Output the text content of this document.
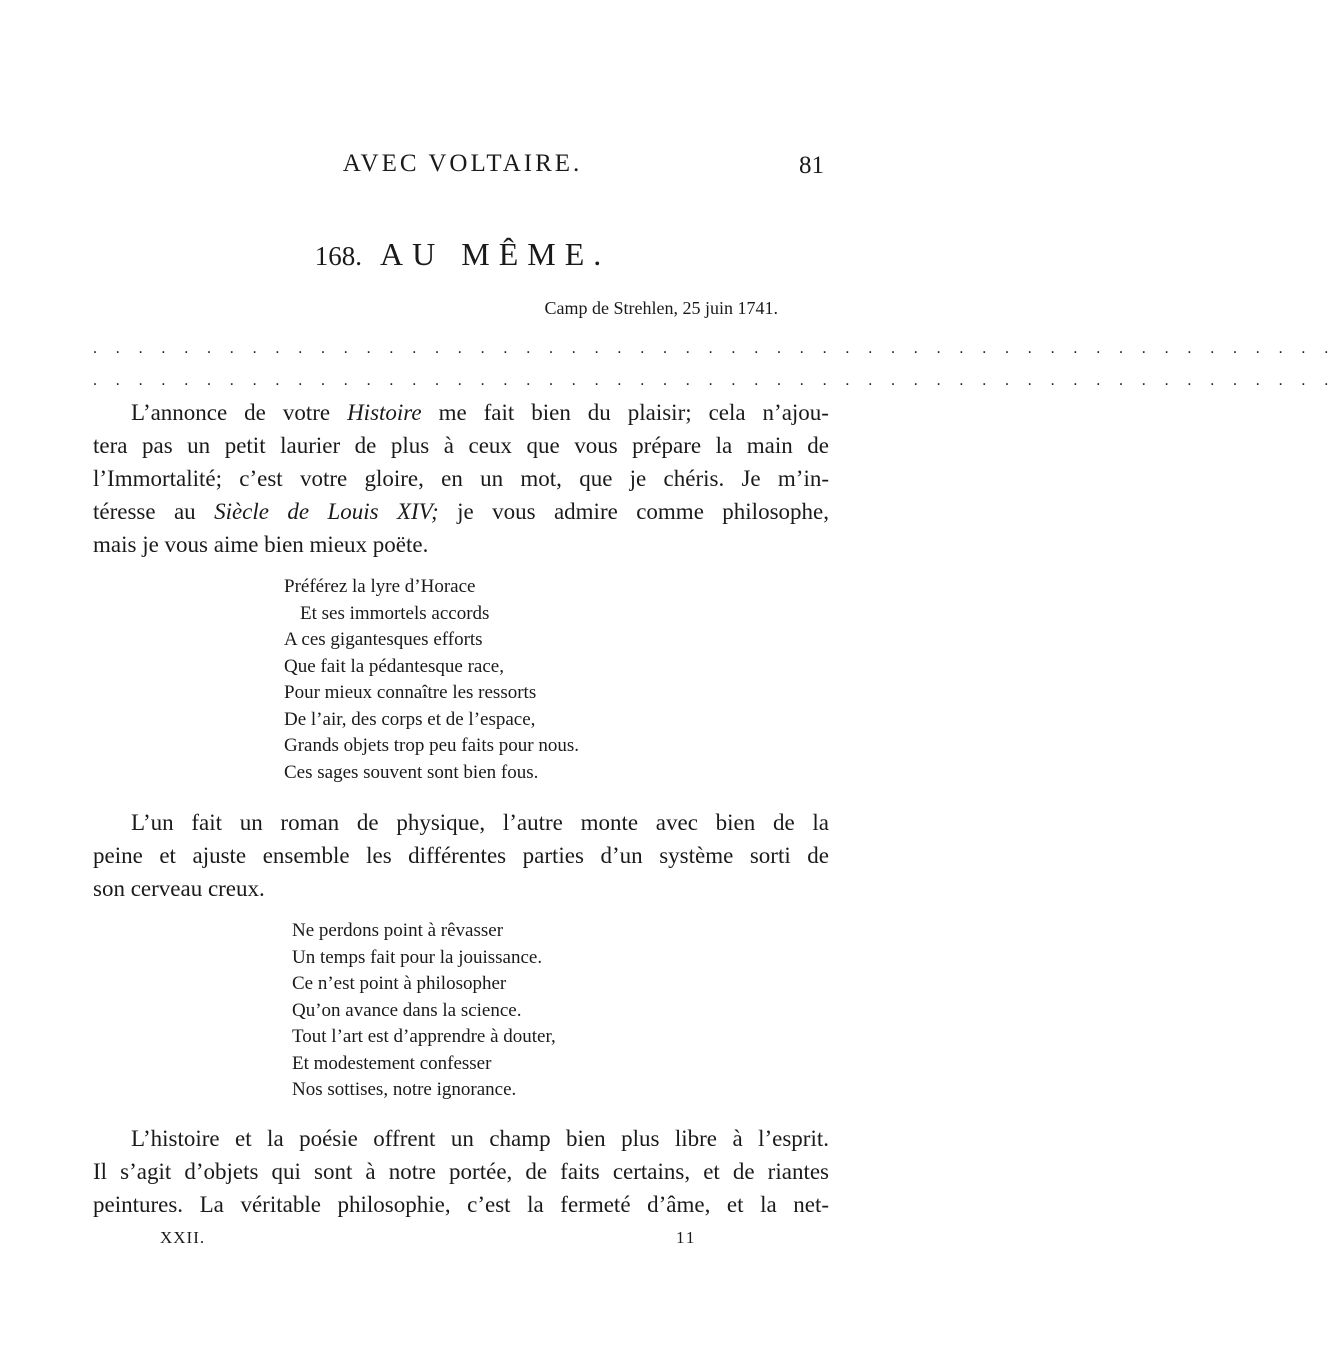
AVEC VOLTAIRE.	81
168. AU MÊME.
Camp de Strehlen, 25 juin 1741.
. . . . . . . . . . . . . . . . . . . . . . . . . . . . . . . . . . . . . . . . . . . . . . . . . . . . . . .
. . . . . . . . . . . . . . . . . . . . . . . . . . . . . . . . . . . . . . . . . . . . . . . . . . . . . . .
L’annonce de votre Histoire me fait bien du plaisir; cela n’ajou-
tera pas un petit laurier de plus à ceux que vous prépare la main de
l’Immortalité; c’est votre gloire, en un mot, que je chéris. Je m’in-
téresse au Siècle de Louis XIV; je vous admire comme philosophe,
mais je vous aime bien mieux poëte.
Préférez la lyre d’Horace
Et ses immortels accords
A ces gigantesques efforts
Que fait la pédantesque race,
Pour mieux connaître les ressorts
De l’air, des corps et de l’espace,
Grands objets trop peu faits pour nous.
Ces sages souvent sont bien fous.
L’un fait un roman de physique, l’autre monte avec bien de la
peine et ajuste ensemble les différentes parties d’un système sorti de
son cerveau creux.
Ne perdons point à rêvasser
Un temps fait pour la jouissance.
Ce n’est point à philosopher
Qu’on avance dans la science.
Tout l’art est d’apprendre à douter,
Et modestement confesser
Nos sottises, notre ignorance.
L’histoire et la poésie offrent un champ bien plus libre à l’esprit.
Il s’agit d’objets qui sont à notre portée, de faits certains, et de riantes
peintures. La véritable philosophie, c’est la fermeté d’âme, et la net-
XXII.	11
